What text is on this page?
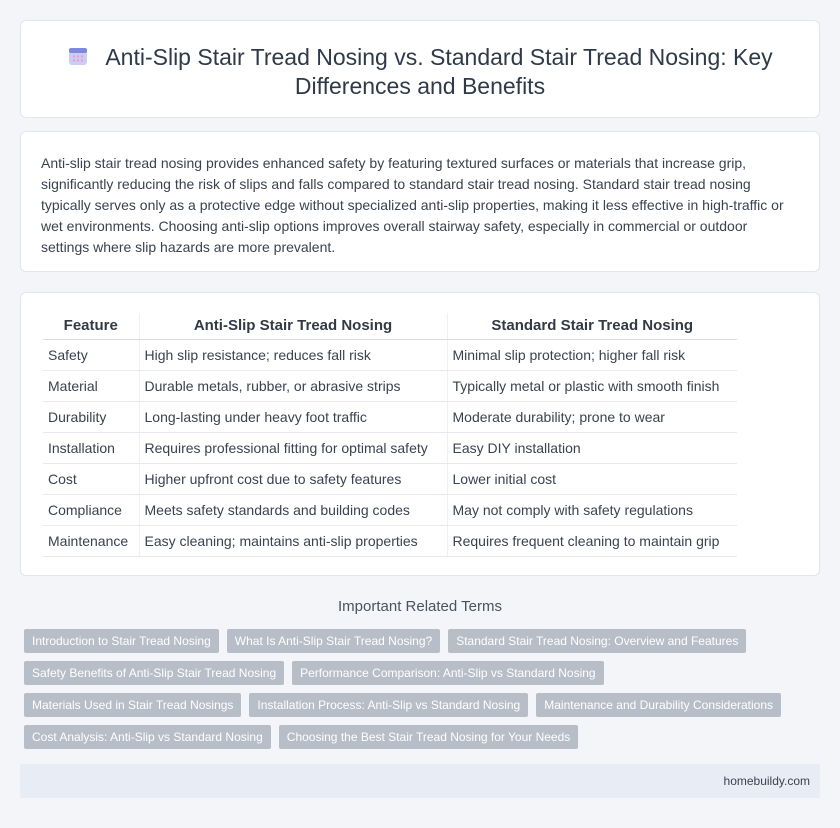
Anti-Slip Stair Tread Nosing vs. Standard Stair Tread Nosing: Key
Differences and Benefits

Anti-slip stair tread nosing provides enhanced safety by featuring textured surfaces or materials that increase grip, significantly reducing the risk of slips and falls compared to standard stair tread nosing. Standard stair tread nosing typically serves only as a protective edge without specialized anti-slip properties, making it less effective in high-traffic or wet environments. Choosing anti-slip options improves overall stairway safety, especially in commercial or outdoor settings where slip hazards are more prevalent.

Feature	Anti-Slip Stair Tread Nosing	Standard Stair Tread Nosing
Safety	High slip resistance; reduces fall risk	Minimal slip protection; higher fall risk
Material	Durable metals, rubber, or abrasive strips	Typically metal or plastic with smooth finish
Durability	Long-lasting under heavy foot traffic	Moderate durability; prone to wear
Installation	Requires professional fitting for optimal safety	Easy DIY installation
Cost	Higher upfront cost due to safety features	Lower initial cost
Compliance	Meets safety standards and building codes	May not comply with safety regulations
Maintenance	Easy cleaning; maintains anti-slip properties	Requires frequent cleaning to maintain grip
Important Related Terms
Introduction to Stair Tread Nosing	What Is Anti-Slip Stair Tread Nosing?	Standard Stair Tread Nosing: Overview and Features
Safety Benefits of Anti-Slip Stair Tread Nosing	Performance Comparison: Anti-Slip vs Standard Nosing
Materials Used in Stair Tread Nosings	Installation Process: Anti-Slip vs Standard Nosing	Maintenance and Durability Considerations
Cost Analysis: Anti-Slip vs Standard Nosing	Choosing the Best Stair Tread Nosing for Your Needs
homebuildy.com
